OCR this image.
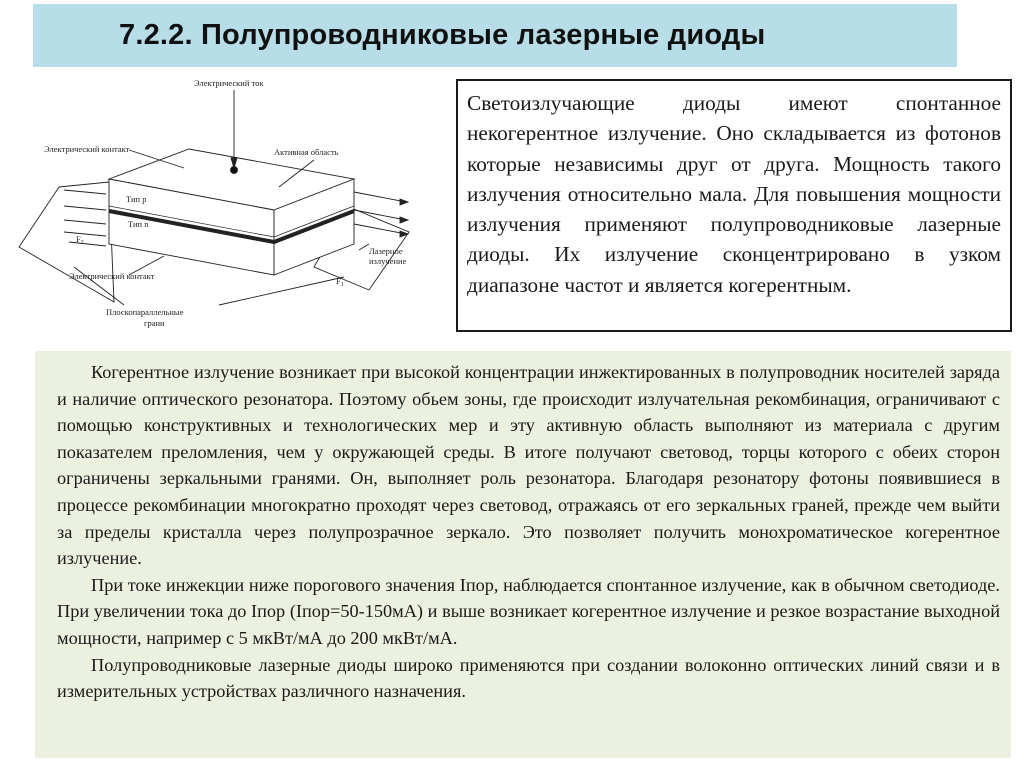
7.2.2. Полупроводниковые лазерные диоды
Электрический ток
Электрический контакт	Активная область
Тип p
Тип n
$F_2$
Лазерное
излучение
Электрический контакт	$F_1$
Плоскопараллельные
грани

Светоизлучающие диоды имеют спонтанное некогерентное излучение. Оно складывается из фотонов которые независимы друг от друга. Мощность такого излучения относительно мала. Для повышения мощности излучения применяют полупроводниковые лазерные диоды. Их излучение сконцентрировано в узком диапазоне частот и является когерентным.

Когерентное излучение возникает при высокой концентрации инжектированных в полупроводник носителей заряда и наличие оптического резонатора. Поэтому обьем зоны, где происходит излучательная рекомбинация, ограничивают с помощью конструктивных и технологических мер и эту активную область выполняют из материала с другим показателем преломления, чем у окружающей среды. В итоге получают световод, торцы которого с обеих сторон ограничены зеркальными гранями. Он, выполняет роль резонатора. Благодаря резонатору фотоны появившиеся в процессе рекомбинации многократно проходят через световод, отражаясь от его зеркальных граней, прежде чем выйти за пределы кристалла через полупрозрачное зеркало. Это позволяет получить монохроматическое когерентное излучение.

При токе инжекции ниже порогового значения Iпор, наблюдается спонтанное излучение, как в обычном светодиоде. При увеличении тока до Iпор (Iпор=50-150мА) и выше возникает когерентное излучение и резкое возрастание выходной мощности, например с 5 мкВт/мА до 200 мкВт/мА.

Полупроводниковые лазерные диоды широко применяются при создании волоконно оптических линий связи и в измерительных устройствах различного назначения.
